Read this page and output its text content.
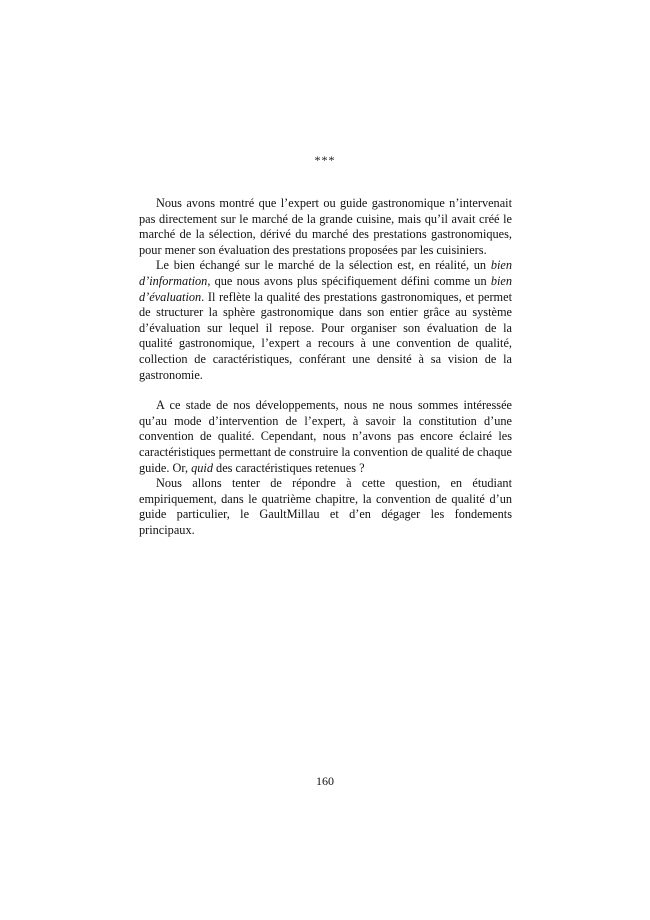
***

Nous avons montré que l’expert ou guide gastronomique n’intervenait pas directement sur le marché de la grande cuisine, mais qu’il avait créé le marché de la sélection, dérivé du marché des prestations gastronomiques, pour mener son évaluation des prestations proposées par les cuisiniers.

Le bien échangé sur le marché de la sélection est, en réalité, un bien d’information, que nous avons plus spécifiquement défini comme un bien d’évaluation. Il reflète la qualité des prestations gastronomiques, et permet de structurer la sphère gastronomique dans son entier grâce au système d’évaluation sur lequel il repose. Pour organiser son évaluation de la qualité gastronomique, l’expert a recours à une convention de qualité, collection de caractéristiques, conférant une densité à sa vision de la gastronomie.

A ce stade de nos développements, nous ne nous sommes intéressée qu’au mode d’intervention de l’expert, à savoir la constitution d’une convention de qualité. Cependant, nous n’avons pas encore éclairé les caractéristiques permettant de construire la convention de qualité de chaque guide. Or, quid des caractéristiques retenues ?

Nous allons tenter de répondre à cette question, en étudiant empiriquement, dans le quatrième chapitre, la convention de qualité d’un guide particulier, le GaultMillau et d’en dégager les fondements principaux.

160
